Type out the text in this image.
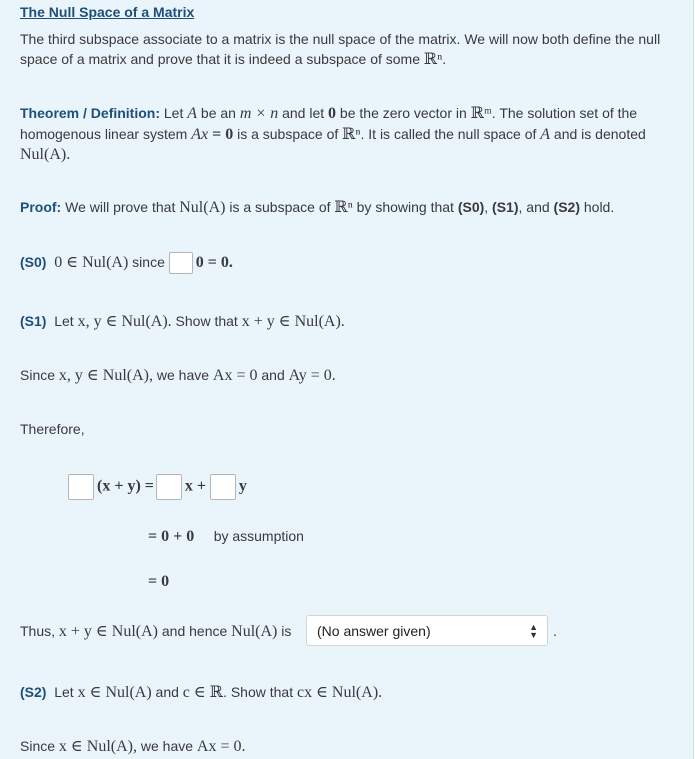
The Null Space of a Matrix
The third subspace associate to a matrix is the null space of the matrix. We will now both define the null
space of a matrix and prove that it is indeed a subspace of some ℝⁿ.
Theorem / Definition: Let A be an m × n and let 0 be the zero vector in ℝᵐ. The solution set of the
homogenous linear system Ax = 0 is a subspace of ℝⁿ. It is called the null space of A and is denoted
Nul(A).
Proof: We will prove that Nul(A) is a subspace of ℝⁿ by showing that (S0), (S1), and (S2) hold.
(S0) 0 ∈ Nul(A) since 0 = 0.
(S1) Let x, y ∈ Nul(A). Show that x + y ∈ Nul(A).
Since x, y ∈ Nul(A), we have Ax = 0 and Ay = 0.
Therefore,
(x + y) = x + y
= 0 + 0 by assumption
= 0
Thus, x + y ∈ Nul(A) and hence Nul(A) is (No answer given)	▲
▼ .
(S2) Let x ∈ Nul(A) and c ∈ ℝ. Show that cx ∈ Nul(A).
Since x ∈ Nul(A), we have Ax = 0.
